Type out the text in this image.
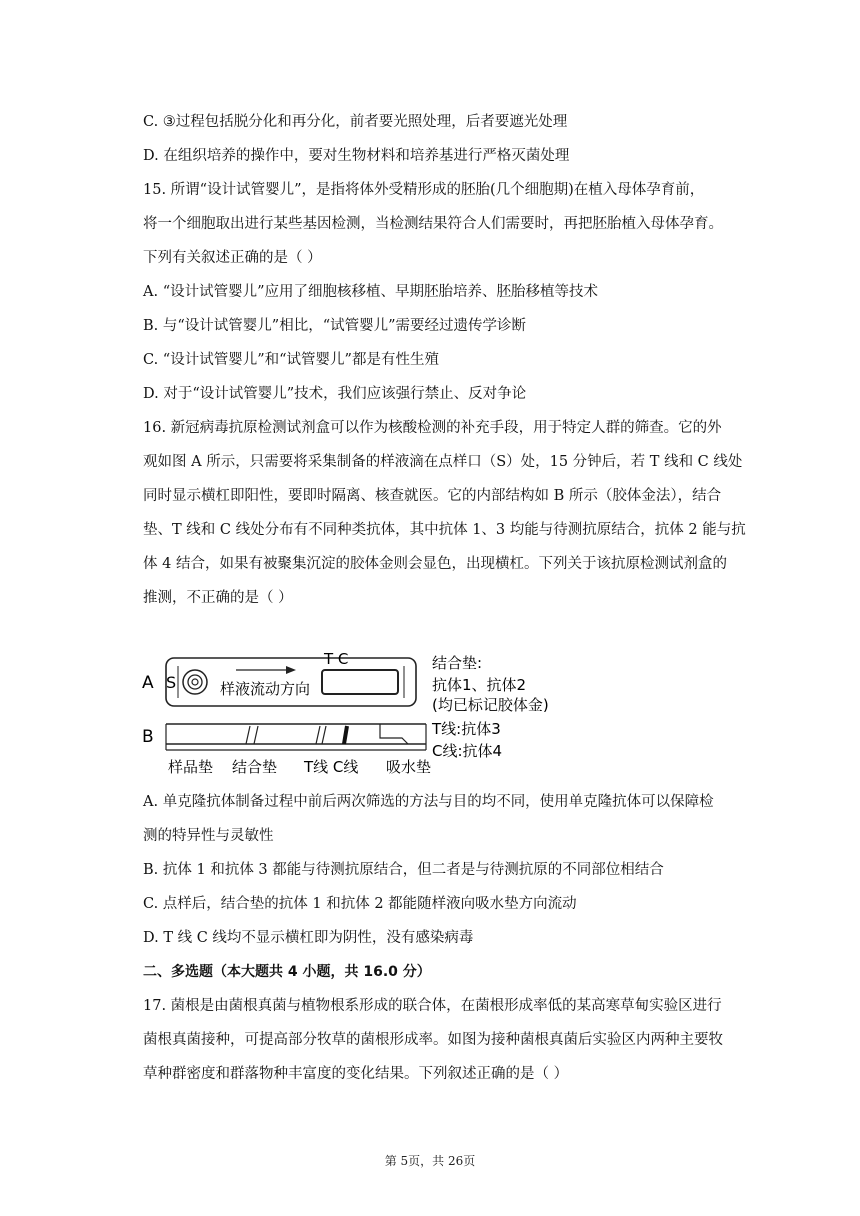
C. ③过程包括脱分化和再分化，前者要光照处理，后者要遮光处理
D. 在组织培养的操作中，要对生物材料和培养基进行严格灭菌处理
15. 所谓“设计试管婴儿”，是指将体外受精形成的胚胎(几个细胞期)在植入母体孕育前，
将一个细胞取出进行某些基因检测，当检测结果符合人们需要时，再把胚胎植入母体孕育。
下列有关叙述正确的是（ ）
A. “设计试管婴儿”应用了细胞核移植、早期胚胎培养、胚胎移植等技术
B. 与“设计试管婴儿”相比，“试管婴儿”需要经过遗传学诊断
C. “设计试管婴儿”和“试管婴儿”都是有性生殖
D. 对于“设计试管婴儿”技术，我们应该强行禁止、反对争论
16. 新冠病毒抗原检测试剂盒可以作为核酸检测的补充手段，用于特定人群的筛查。它的外
观如图 A 所示，只需要将采集制备的样液滴在点样口（S）处，15 分钟后，若 T 线和 C 线处
同时显示横杠即阳性，要即时隔离、核查就医。它的内部结构如 B 所示（胶体金法），结合
垫、T 线和 C 线处分布有不同种类抗体，其中抗体 1、3 均能与待测抗原结合，抗体 2 能与抗
体 4 结合，如果有被聚集沉淀的胶体金则会显色，出现横杠。下列关于该抗原检测试剂盒的
推测，不正确的是（ ）
A. 单克隆抗体制备过程中前后两次筛选的方法与目的均不同，使用单克隆抗体可以保障检
测的特异性与灵敏性
B. 抗体 1 和抗体 3 都能与待测抗原结合，但二者是与待测抗原的不同部位相结合
C. 点样后，结合垫的抗体 1 和抗体 2 都能随样液向吸水垫方向流动
D. T 线 C 线均不显示横杠即为阴性，没有感染病毒
二、多选题（本大题共 4 小题，共 16.0 分）
17. 菌根是由菌根真菌与植物根系形成的联合体，在菌根形成率低的某高寒草甸实验区进行
菌根真菌接种，可提高部分牧草的菌根形成率。如图为接种菌根真菌后实验区内两种主要牧
草种群密度和群落物种丰富度的变化结果。下列叙述正确的是（ ）
A S	样液流动方向
T C	结合垫:
抗体1、抗体2
(均已标记胶体金)
T线:抗体3
C线:抗体4
B
样品垫 结合垫 T线 C线 吸水垫
第 5页，共 26页
